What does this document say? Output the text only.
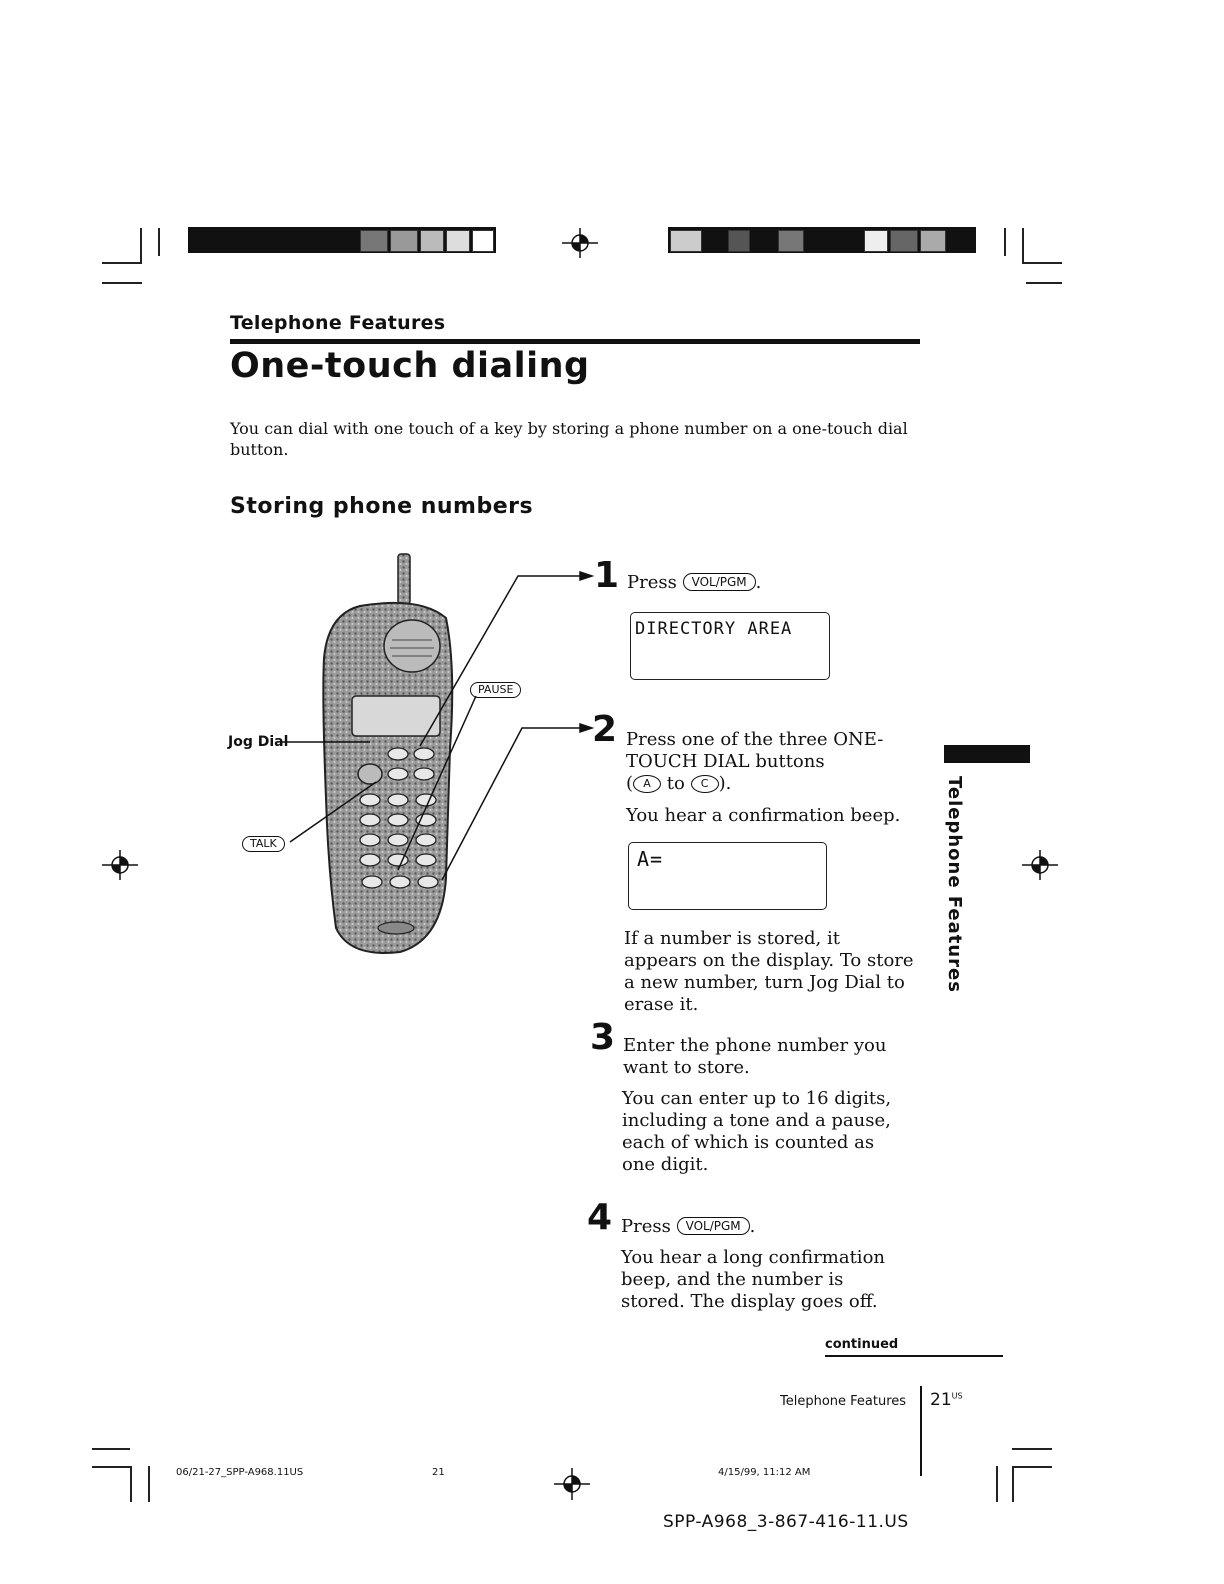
Telephone Features
One-touch dialing
You can dial with one touch of a key by storing a phone number on a one-touch dial button.
Storing phone numbers
PAUSE
Jog Dial
TALK
1 Press VOL/PGM .
DIRECTORY AREA
2 Press one of the three ONE-TOUCH DIAL buttons
( A to C ).
You hear a confirmation beep.
A=
If a number is stored, it appears on the display. To store a new number, turn Jog Dial to erase it.
3 Enter the phone number you want to store.
You can enter up to 16 digits, including a tone and a pause, each of which is counted as one digit.
4 Press VOL/PGM .
You hear a long confirmation beep, and the number is stored. The display goes off.
continued
Telephone Features
Telephone Features $21^{US}$
06/21-27_SPP-A968.11US	21	4/15/99, 11:12 AM
SPP-A968_3-867-416-11.US
